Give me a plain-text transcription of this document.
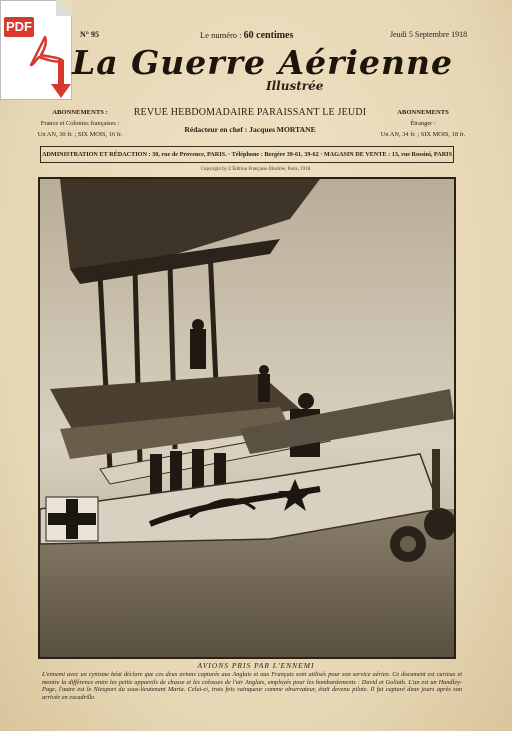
PDF
N° 95	Le numéro : 60 centimes	Jeudi 5 Septembre 1918
La Guerre Aérienne
Illustrée
ABONNEMENTS :
France et Colonies françaises :
Un AN, 30 fr. ; SIX MOIS, 16 fr.
REVUE HEBDOMADAIRE PARAISSANT LE JEUDI
Rédacteur en chef : Jacques MORTANE
ABONNEMENTS
Étranger :
Un AN, 34 fr. ; SIX MOIS, 18 fr.
ADMINISTRATION ET RÉDACTION : 30, rue de Provence, PARIS. · Téléphone : Bergère 39-61, 39-62 · MAGASIN DE VENTE : 13, rue Rossini, PARIS
Copyright by L'Édition Française Illustrée, Paris, 1918.
AVIONS PRIS PAR L'ENNEMI
L'ennemi avec un cynisme béat déclare que ces deux avions capturés aux Anglais et aux Français sont utilisés pour son service aérien. Ce document est curieux et montre la différence entre les petits appareils de chasse et les colosses de l'air Anglais, employés pour les bombardements : David et Goliath. L'un est un Handley-Page, l'autre est le Nieuport du sous-lieutenant Maria. Celui-ci, trois fois vainqueur comme observateur, était devenu pilote. Il fut capturé deux jours après son arrivée en escadrille.
